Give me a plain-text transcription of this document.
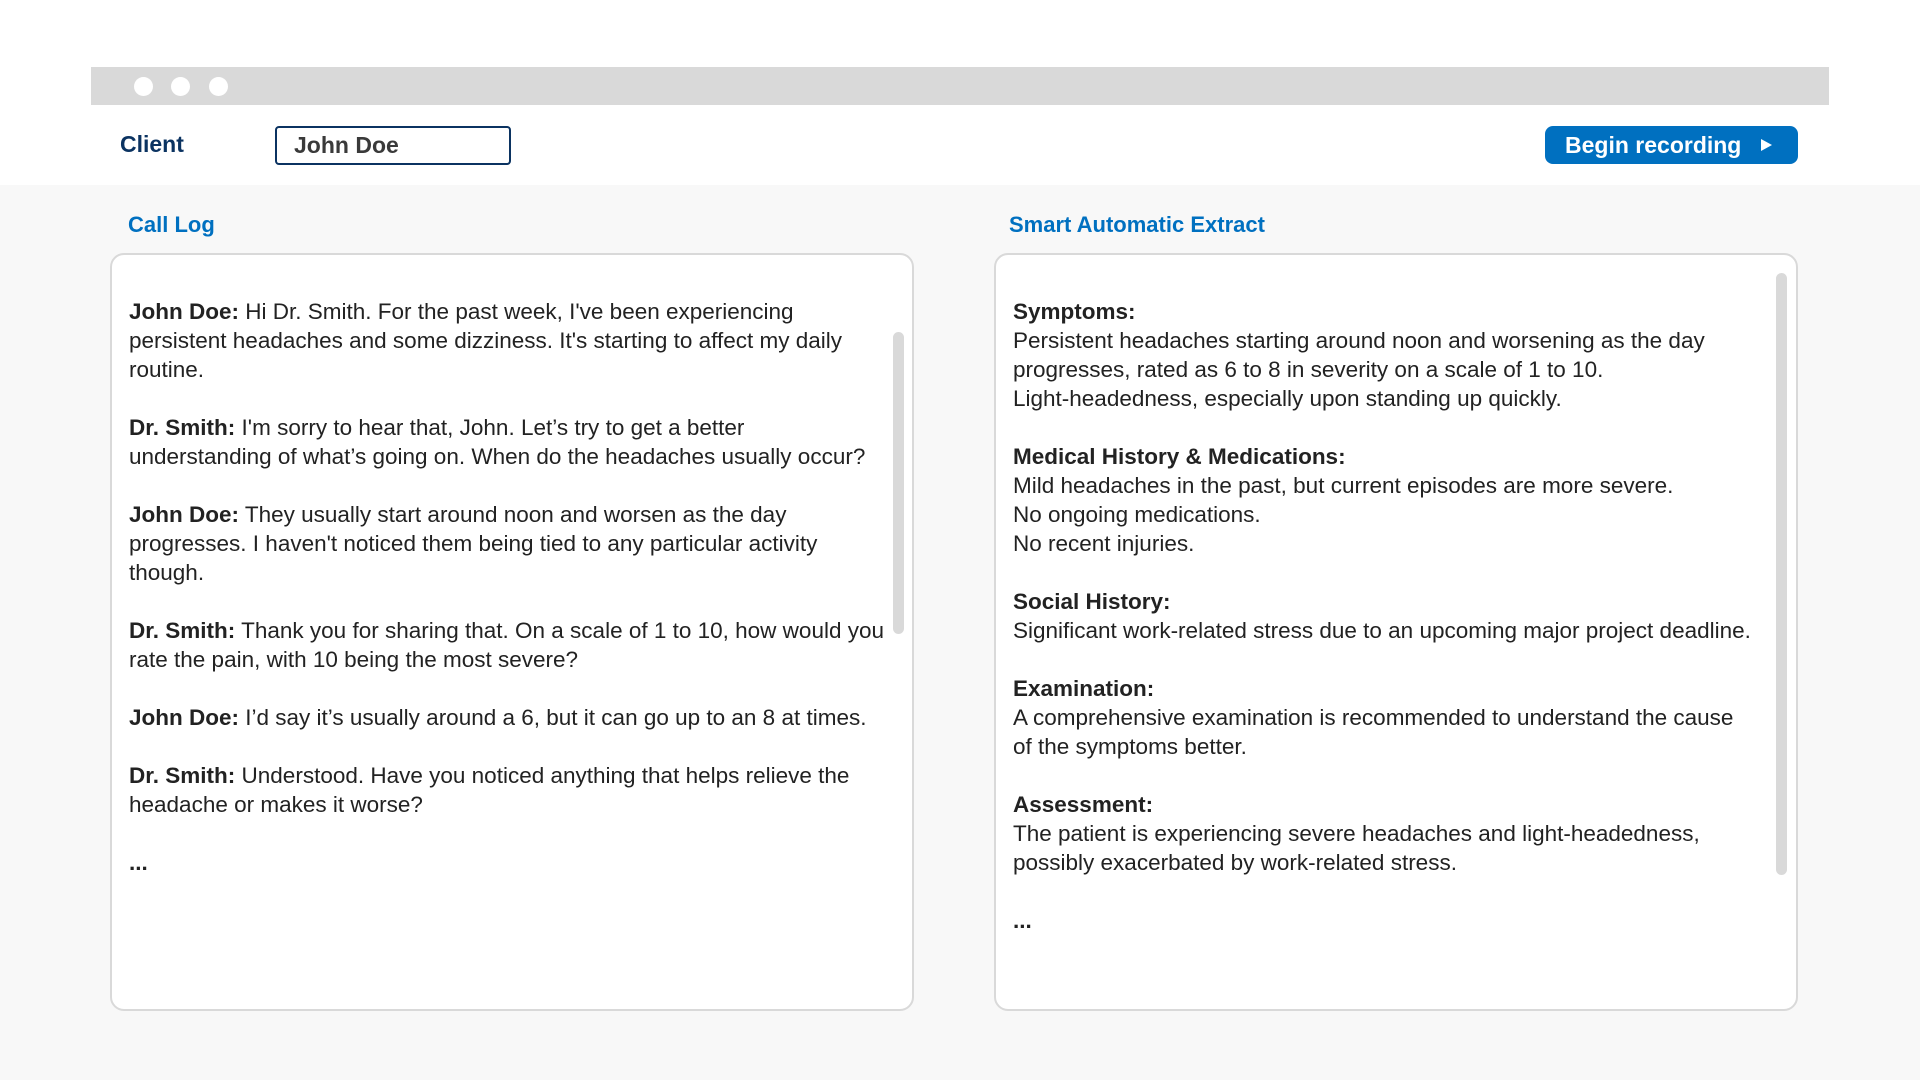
Client
John Doe	Begin recording
Call Log
John Doe: Hi Dr. Smith. For the past week, I've been experiencing persistent headaches and some dizziness. It's starting to affect my daily routine.
Dr. Smith: I'm sorry to hear that, John. Let’s try to get a better understanding of what’s going on. When do the headaches usually occur?
John Doe: They usually start around noon and worsen as the day progresses. I haven't noticed them being tied to any particular activity though.
Dr. Smith: Thank you for sharing that. On a scale of 1 to 10, how would you rate the pain, with 10 being the most severe?
John Doe: I’d say it’s usually around a 6, but it can go up to an 8 at times.
Dr. Smith: Understood. Have you noticed anything that helps relieve the headache or makes it worse?
...
Smart Automatic Extract
Symptoms:
Persistent headaches starting around noon and worsening as the day progresses, rated as 6 to 8 in severity on a scale of 1 to 10.
Light-headedness, especially upon standing up quickly.
Medical History & Medications:
Mild headaches in the past, but current episodes are more severe.
No ongoing medications.
No recent injuries.
Social History:
Significant work-related stress due to an upcoming major project deadline.
Examination:
A comprehensive examination is recommended to understand the cause of the symptoms better.
Assessment:
The patient is experiencing severe headaches and light-headedness, possibly exacerbated by work-related stress.
...
